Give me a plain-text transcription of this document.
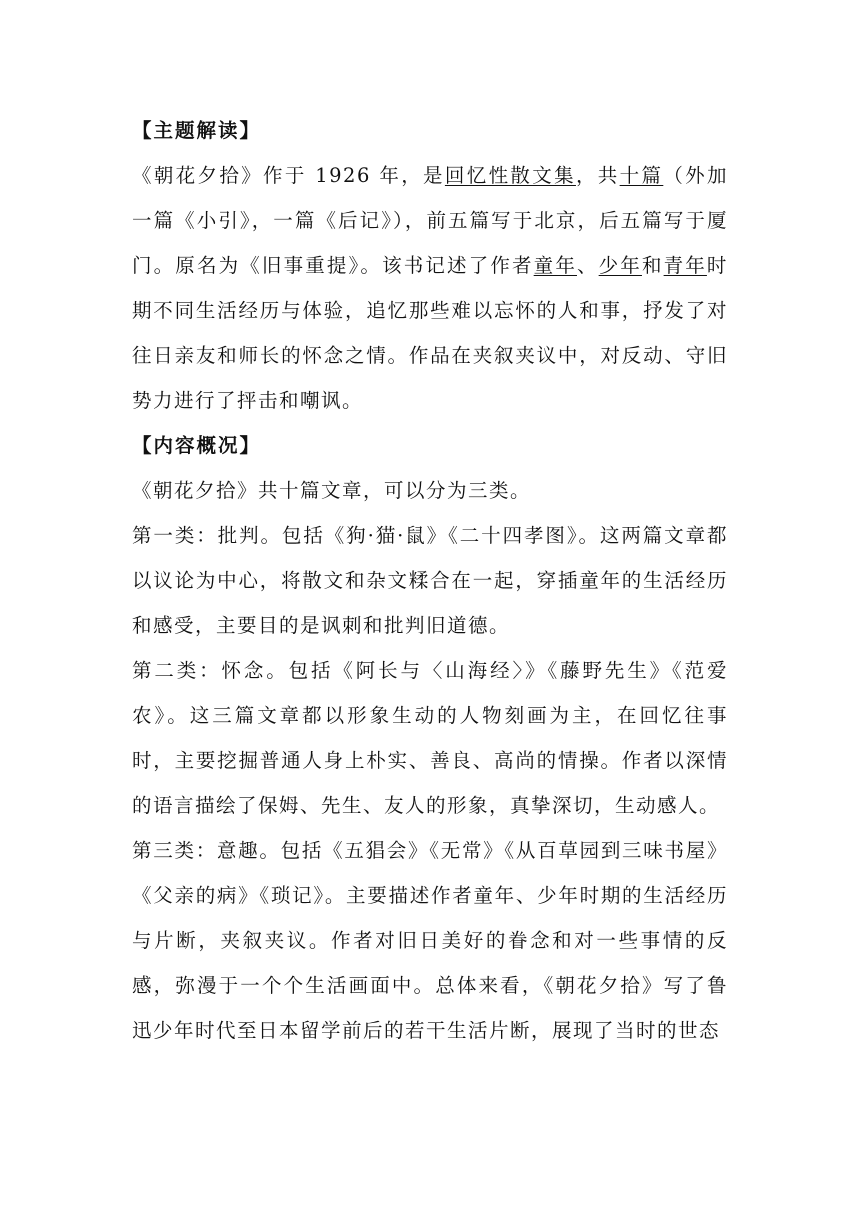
【主题解读】

《朝花夕拾》作于 1926 年，是回忆性散文集，共十篇（外加一篇《小引》，一篇《后记》），前五篇写于北京，后五篇写于厦门。原名为《旧事重提》。该书记述了作者童年、少年和青年时期不同生活经历与体验，追忆那些难以忘怀的人和事，抒发了对往日亲友和师长的怀念之情。作品在夹叙夹议中，对反动、守旧势力进行了抨击和嘲讽。

【内容概况】

《朝花夕拾》共十篇文章，可以分为三类。

第一类：批判。包括《狗·猫·鼠》《二十四孝图》。这两篇文章都以议论为中心，将散文和杂文糅合在一起，穿插童年的生活经历和感受，主要目的是讽刺和批判旧道德。

第二类：怀念。包括《阿长与〈山海经〉》《藤野先生》《范爱农》。这三篇文章都以形象生动的人物刻画为主，在回忆往事时，主要挖掘普通人身上朴实、善良、高尚的情操。作者以深情的语言描绘了保姆、先生、友人的形象，真挚深切，生动感人。

第三类：意趣。包括《五猖会》《无常》《从百草园到三味书屋》《父亲的病》《琐记》。主要描述作者童年、少年时期的生活经历与片断，夹叙夹议。作者对旧日美好的眷念和对一些事情的反感，弥漫于一个个生活画面中。总体来看，《朝花夕拾》写了鲁迅少年时代至日本留学前后的若干生活片断，展现了当时的世态
